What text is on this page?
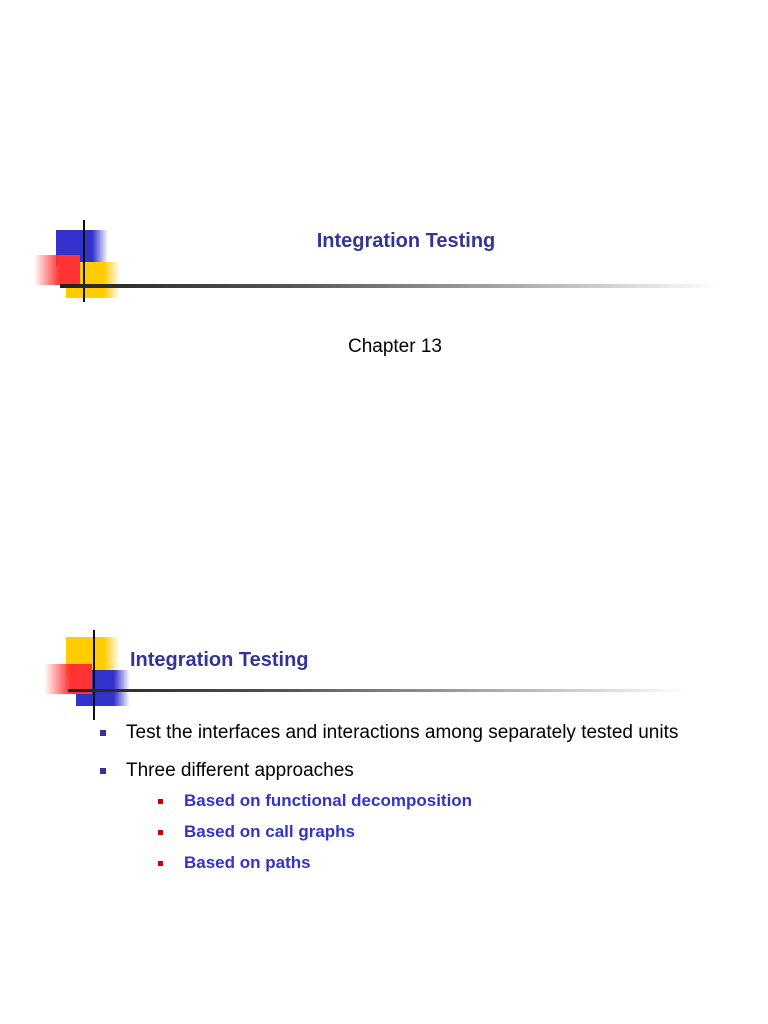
Integration Testing
Chapter 13
Integration Testing
Test the interfaces and interactions among separately tested units
Three different approaches
Based on functional decomposition
Based on call graphs
Based on paths
